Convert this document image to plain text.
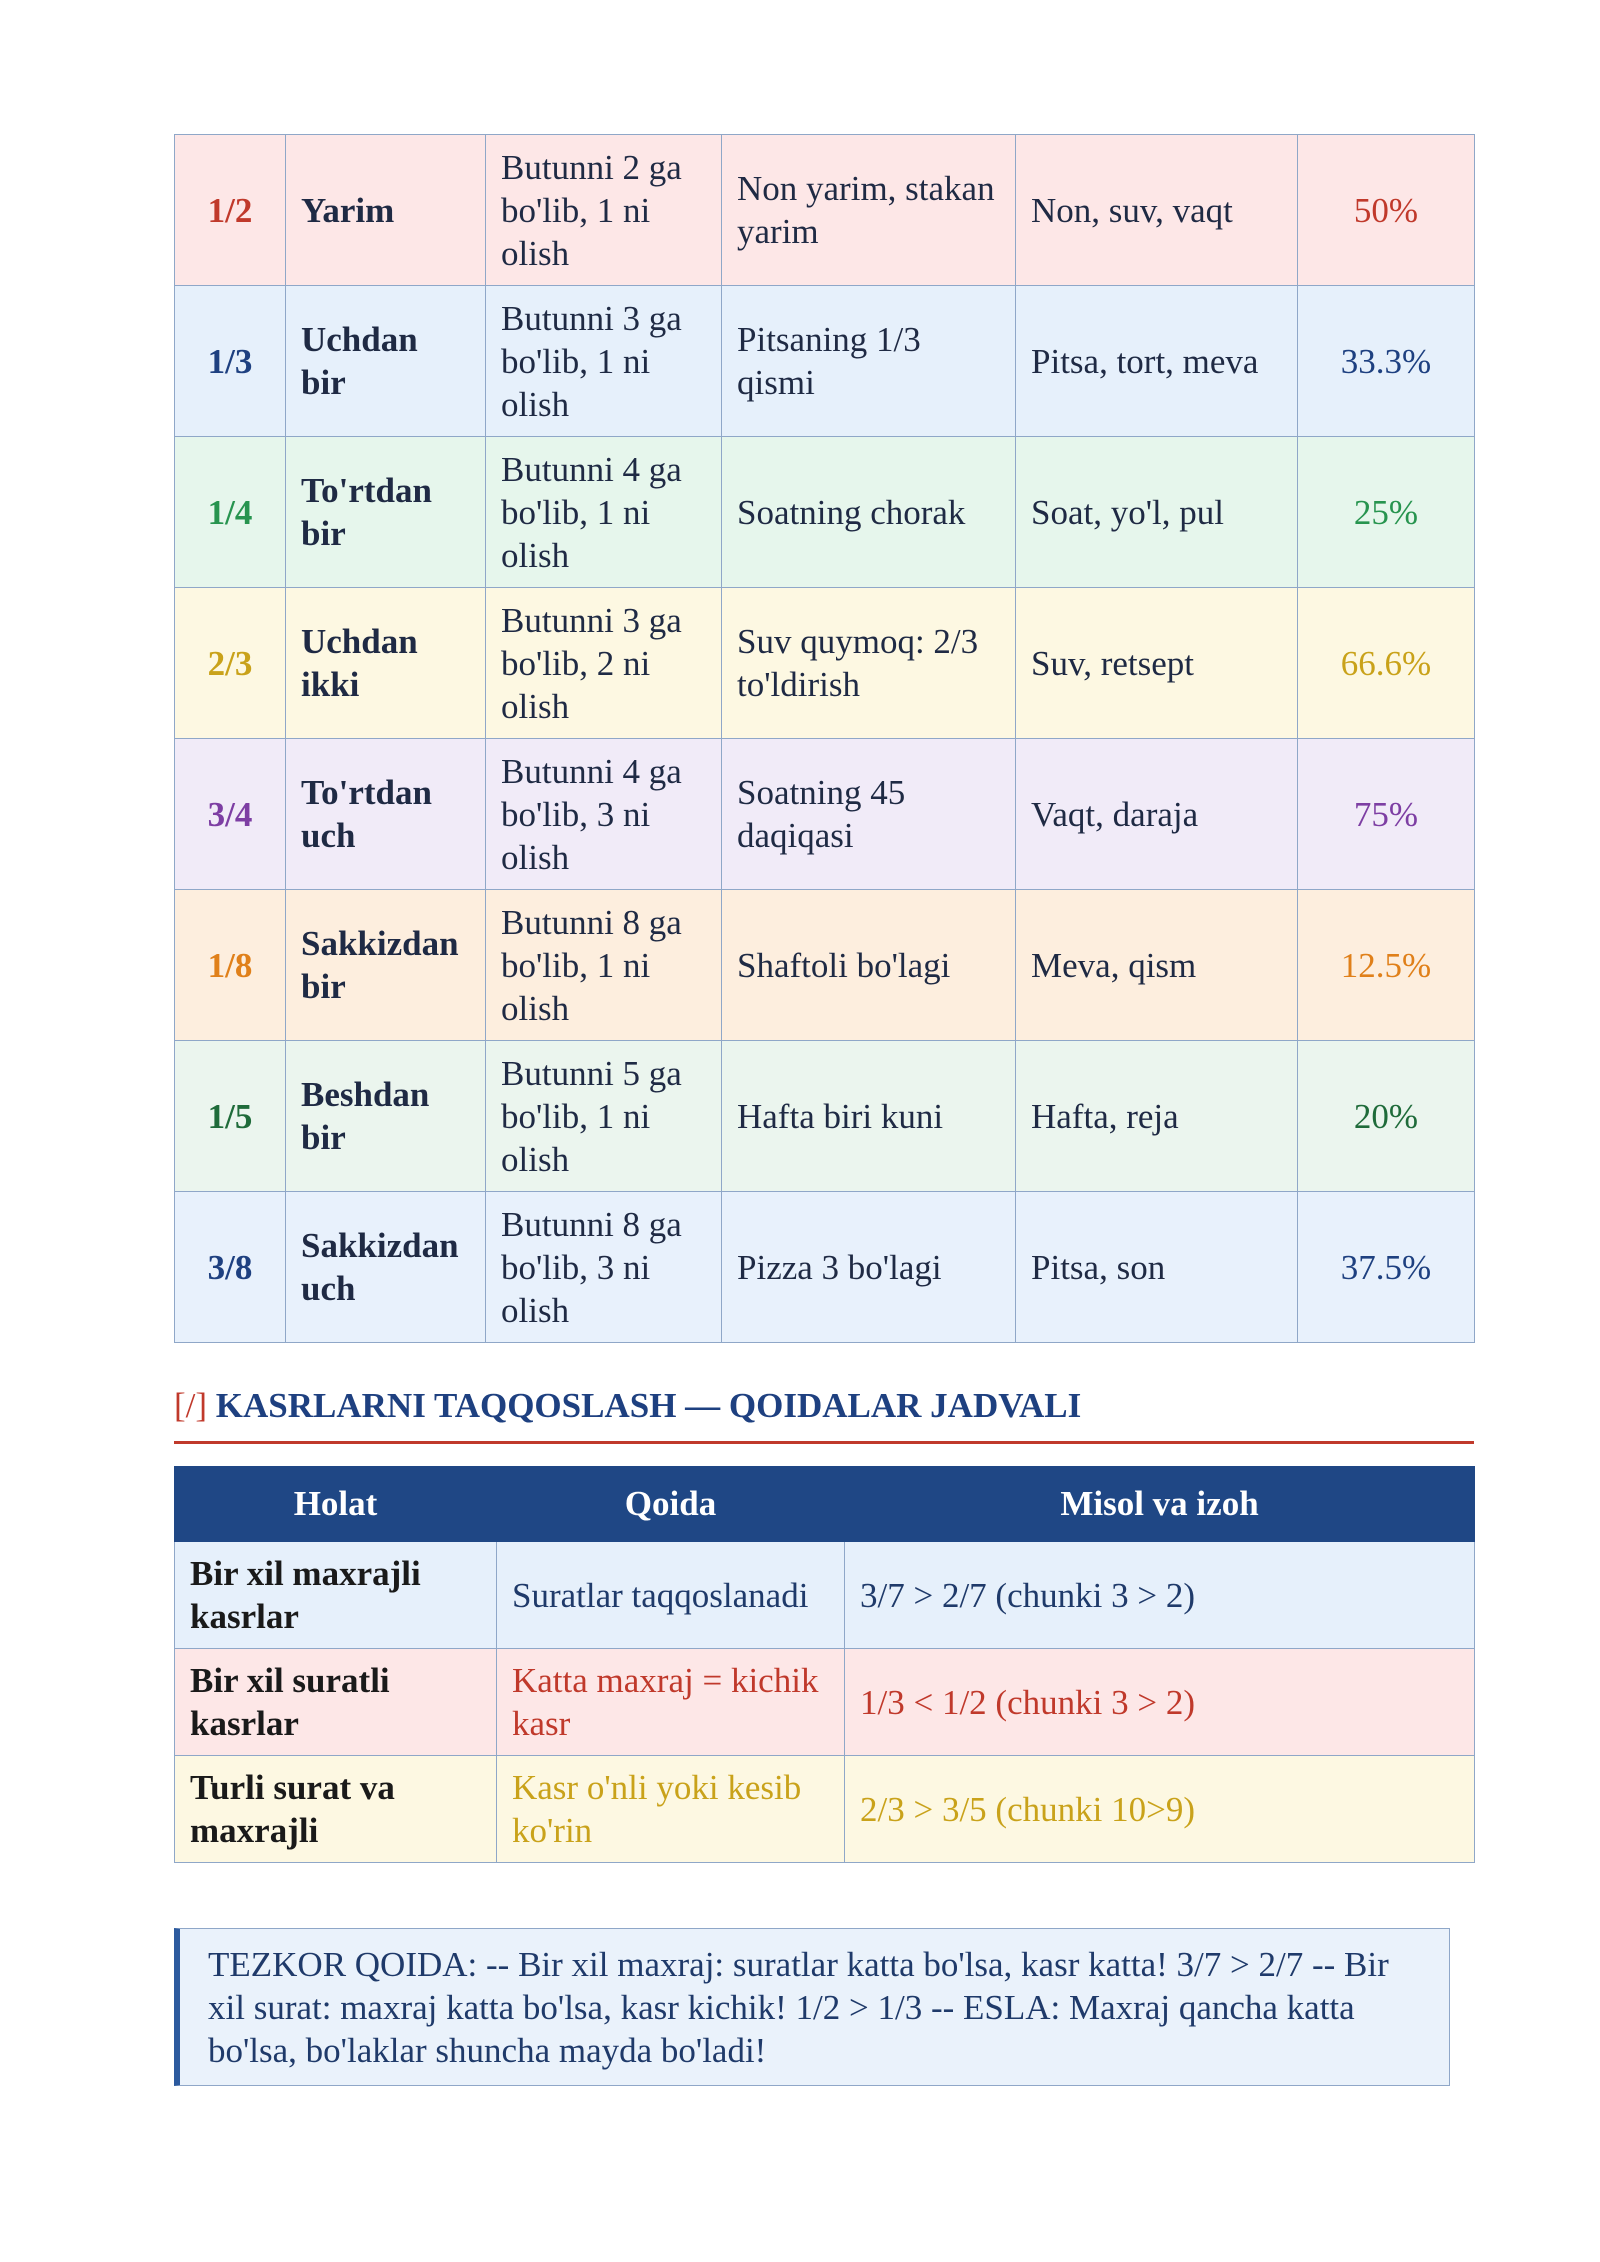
1/2	Yarim	Butunni 2 ga bo'lib, 1 ni olish	Non yarim, stakan yarim	Non, suv, vaqt	50%
1/3	Uchdan bir	Butunni 3 ga bo'lib, 1 ni olish	Pitsaning 1/3 qismi	Pitsa, tort, meva	33.3%
1/4	To'rtdan bir	Butunni 4 ga bo'lib, 1 ni olish	Soatning chorak	Soat, yo'l, pul	25%
2/3	Uchdan ikki	Butunni 3 ga bo'lib, 2 ni olish	Suv quymoq: 2/3 to'ldirish	Suv, retsept	66.6%
3/4	To'rtdan uch	Butunni 4 ga bo'lib, 3 ni olish	Soatning 45 daqiqasi	Vaqt, daraja	75%
1/8	Sakkizdan bir	Butunni 8 ga bo'lib, 1 ni olish	Shaftoli bo'lagi	Meva, qism	12.5%
1/5	Beshdan bir	Butunni 5 ga bo'lib, 1 ni olish	Hafta biri kuni	Hafta, reja	20%
3/8	Sakkizdan uch	Butunni 8 ga bo'lib, 3 ni olish	Pizza 3 bo'lagi	Pitsa, son	37.5%
[/] KASRLARNI TAQQOSLASH — QOIDALAR JADVALI
Holat	Qoida	Misol va izoh
Bir xil maxrajli kasrlar	Suratlar taqqoslanadi	3/7 > 2/7 (chunki 3 > 2)
Bir xil suratli kasrlar	Katta maxraj = kichik kasr	1/3 < 1/2 (chunki 3 > 2)
Turli surat va maxrajli	Kasr o'nli yoki kesib ko'rin	2/3 > 3/5 (chunki 10>9)
TEZKOR QOIDA: -- Bir xil maxraj: suratlar katta bo'lsa, kasr katta! 3/7 > 2/7 -- Bir xil surat: maxraj katta bo'lsa, kasr kichik! 1/2 > 1/3 -- ESLA: Maxraj qancha katta bo'lsa, bo'laklar shuncha mayda bo'ladi!
